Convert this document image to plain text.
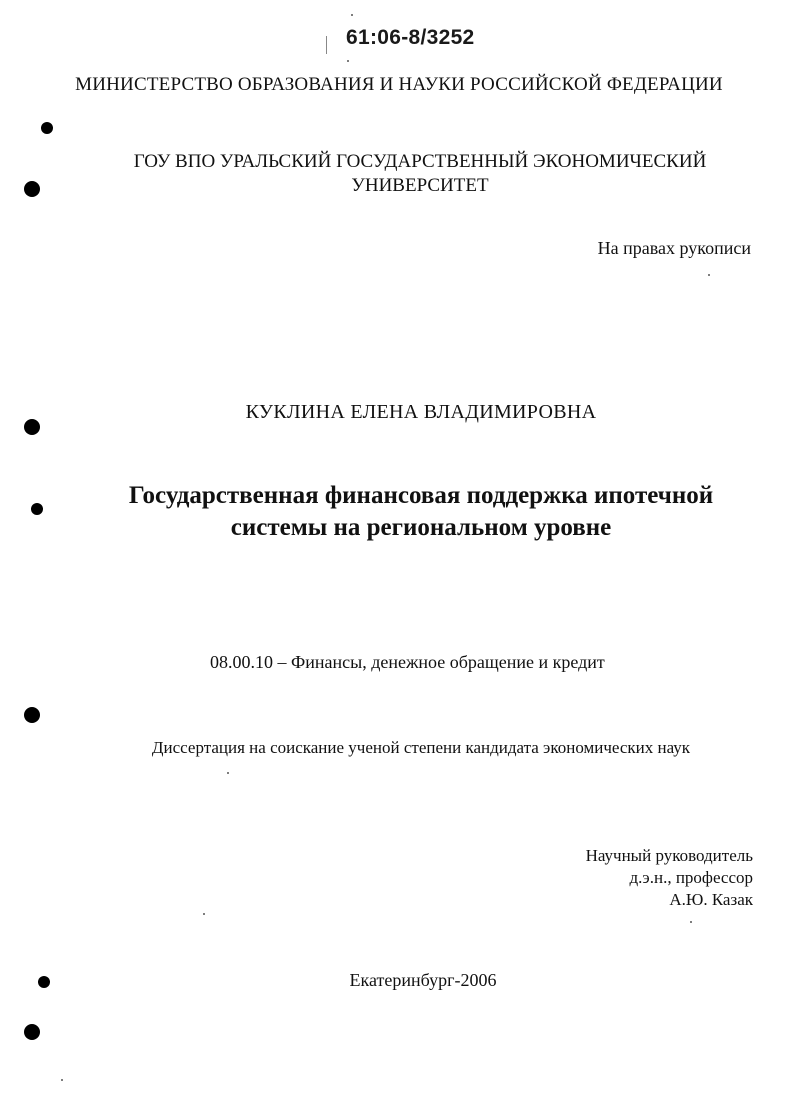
61:06-8/3252
МИНИСТЕРСТВО ОБРАЗОВАНИЯ И НАУКИ РОССИЙСКОЙ ФЕДЕРАЦИИ
ГОУ ВПО УРАЛЬСКИЙ ГОСУДАРСТВЕННЫЙ ЭКОНОМИЧЕСКИЙ
УНИВЕРСИТЕТ
На правах рукописи
КУКЛИНА ЕЛЕНА ВЛАДИМИРОВНА
Государственная финансовая поддержка ипотечной
системы на региональном уровне
08.00.10 – Финансы, денежное обращение и кредит
Диссертация на соискание ученой степени кандидата экономических наук
Научный руководитель
д.э.н., профессор
А.Ю. Казак
Екатеринбург-2006
